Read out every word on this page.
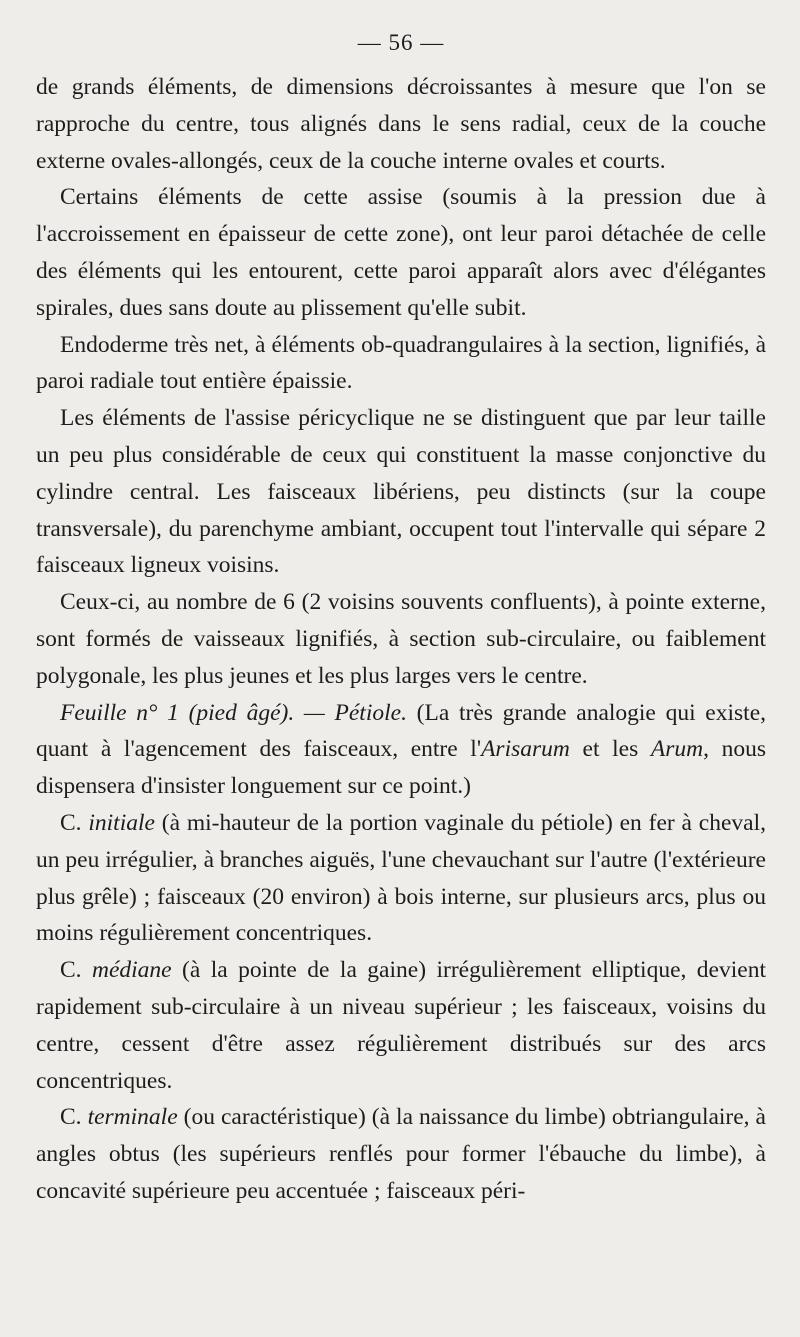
— 56 —

de grands éléments, de dimensions décroissantes à mesure que l'on se rapproche du centre, tous alignés dans le sens radial, ceux de la couche externe ovales-allongés, ceux de la couche interne ovales et courts.

Certains éléments de cette assise (soumis à la pression due à l'accroissement en épaisseur de cette zone), ont leur paroi détachée de celle des éléments qui les entourent, cette paroi apparaît alors avec d'élégantes spirales, dues sans doute au plissement qu'elle subit.

Endoderme très net, à éléments ob-quadrangulaires à la section, lignifiés, à paroi radiale tout entière épaissie.

Les éléments de l'assise péricyclique ne se distinguent que par leur taille un peu plus considérable de ceux qui constituent la masse conjonctive du cylindre central. Les faisceaux libériens, peu distincts (sur la coupe transversale), du parenchyme ambiant, occupent tout l'intervalle qui sépare 2 faisceaux ligneux voisins.

Ceux-ci, au nombre de 6 (2 voisins souvents confluents), à pointe externe, sont formés de vaisseaux lignifiés, à section sub-circulaire, ou faiblement polygonale, les plus jeunes et les plus larges vers le centre.

Feuille n° 1 (pied âgé). — Pétiole. (La très grande analogie qui existe, quant à l'agencement des faisceaux, entre l'Arisarum et les Arum, nous dispensera d'insister longuement sur ce point.)

C. initiale (à mi-hauteur de la portion vaginale du pétiole) en fer à cheval, un peu irrégulier, à branches aiguës, l'une chevauchant sur l'autre (l'extérieure plus grêle) ; faisceaux (20 environ) à bois interne, sur plusieurs arcs, plus ou moins régulièrement concentriques.

C. médiane (à la pointe de la gaine) irrégulièrement elliptique, devient rapidement sub-circulaire à un niveau supérieur ; les faisceaux, voisins du centre, cessent d'être assez régulièrement distribués sur des arcs concentriques.

C. terminale (ou caractéristique) (à la naissance du limbe) obtriangulaire, à angles obtus (les supérieurs renflés pour former l'ébauche du limbe), à concavité supérieure peu accentuée ; faisceaux péri-
